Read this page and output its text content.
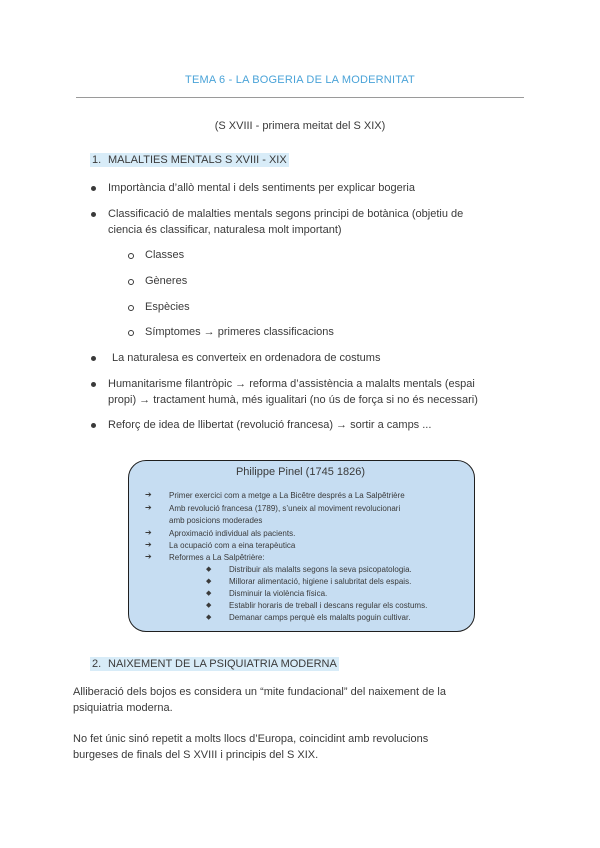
TEMA 6 - LA BOGERIA DE LA MODERNITAT
(S XVIII - primera meitat del S XIX)
1. MALALTIES MENTALS S XVIII - XIX
Importància d’allò mental i dels sentiments per explicar bogeria
Classificació de malalties mentals segons principi de botànica (objetiu de
ciencia és classificar, naturalesa molt important)
Classes
Gèneres
Espècies
Símptomes → primeres classificacions
La naturalesa es converteix en ordenadora de costums
Humanitarisme filantròpic → reforma d’assistència a malalts mentals (espai
propi) → tractament humà, més igualitari (no ús de força si no és necessari)
Reforç de idea de llibertat (revolució francesa) → sortir a camps ...
Philippe Pinel (1745 1826)
➔ Primer exercici com a metge a La Bicêtre després a La Salpêtrière
➔ Amb revolució francesa (1789), s’uneix al moviment revolucionari
amb posicions moderades
➔ Aproximació individual als pacients.
➔ La ocupació com a eina terapèutica
➔ Reformes a La Salpêtrière:
◆ Distribuir als malalts segons la seva psicopatologia.
◆ Millorar alimentació, higiene i salubritat dels espais.
◆ Disminuir la violència física.
◆ Establir horaris de treball i descans regular els costums.
◆ Demanar camps perquè els malalts poguin cultivar.
2. NAIXEMENT DE LA PSIQUIATRIA MODERNA
Alliberació dels bojos es considera un “mite fundacional” del naixement de la
psiquiatria moderna.
No fet únic sinó repetit a molts llocs d’Europa, coincidint amb revolucions
burgeses de finals del S XVIII i principis del S XIX.
